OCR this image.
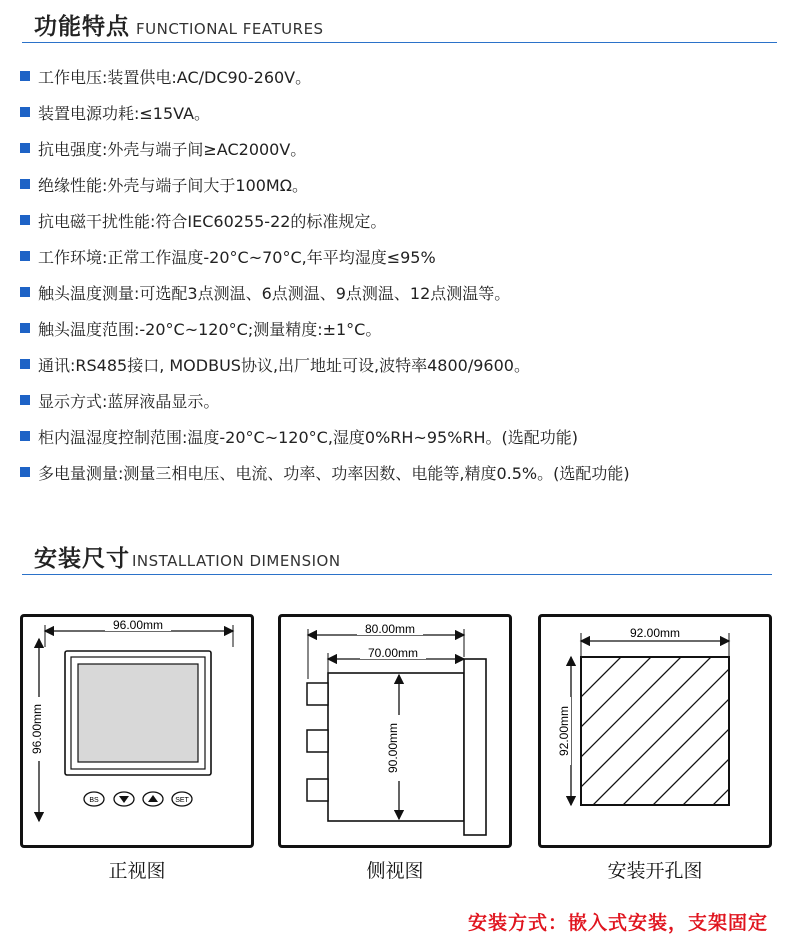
功能特点 FUNCTIONAL FEATURES
工作电压:装置供电:AC/DC90-260V。
装置电源功耗:≤15VA。
抗电强度:外壳与端子间≥AC2000V。
绝缘性能:外壳与端子间大于100MΩ。
抗电磁干扰性能:符合IEC60255-22的标准规定。
工作环境:正常工作温度-20°C~70°C,年平均湿度≤95%
触头温度测量:可选配3点测温、6点测温、9点测温、12点测温等。
触头温度范围:-20°C~120°C;测量精度:±1°C。
通讯:RS485接口, MODBUS协议,出厂地址可设,波特率4800/9600。
显示方式:蓝屏液晶显示。
柜内温湿度控制范围:温度-20°C~120°C,湿度0%RH~95%RH。(选配功能)
多电量测量:测量三相电压、电流、功率、功率因数、电能等,精度0.5%。(选配功能)
安装尺寸 INSTALLATION DIMENSION
96.00mm
96.00mm
BS	SET
正视图
80.00mm
70.00mm
90.00mm
侧视图
92.00mm
92.00mm
安装开孔图
安装方式：嵌入式安装，支架固定
